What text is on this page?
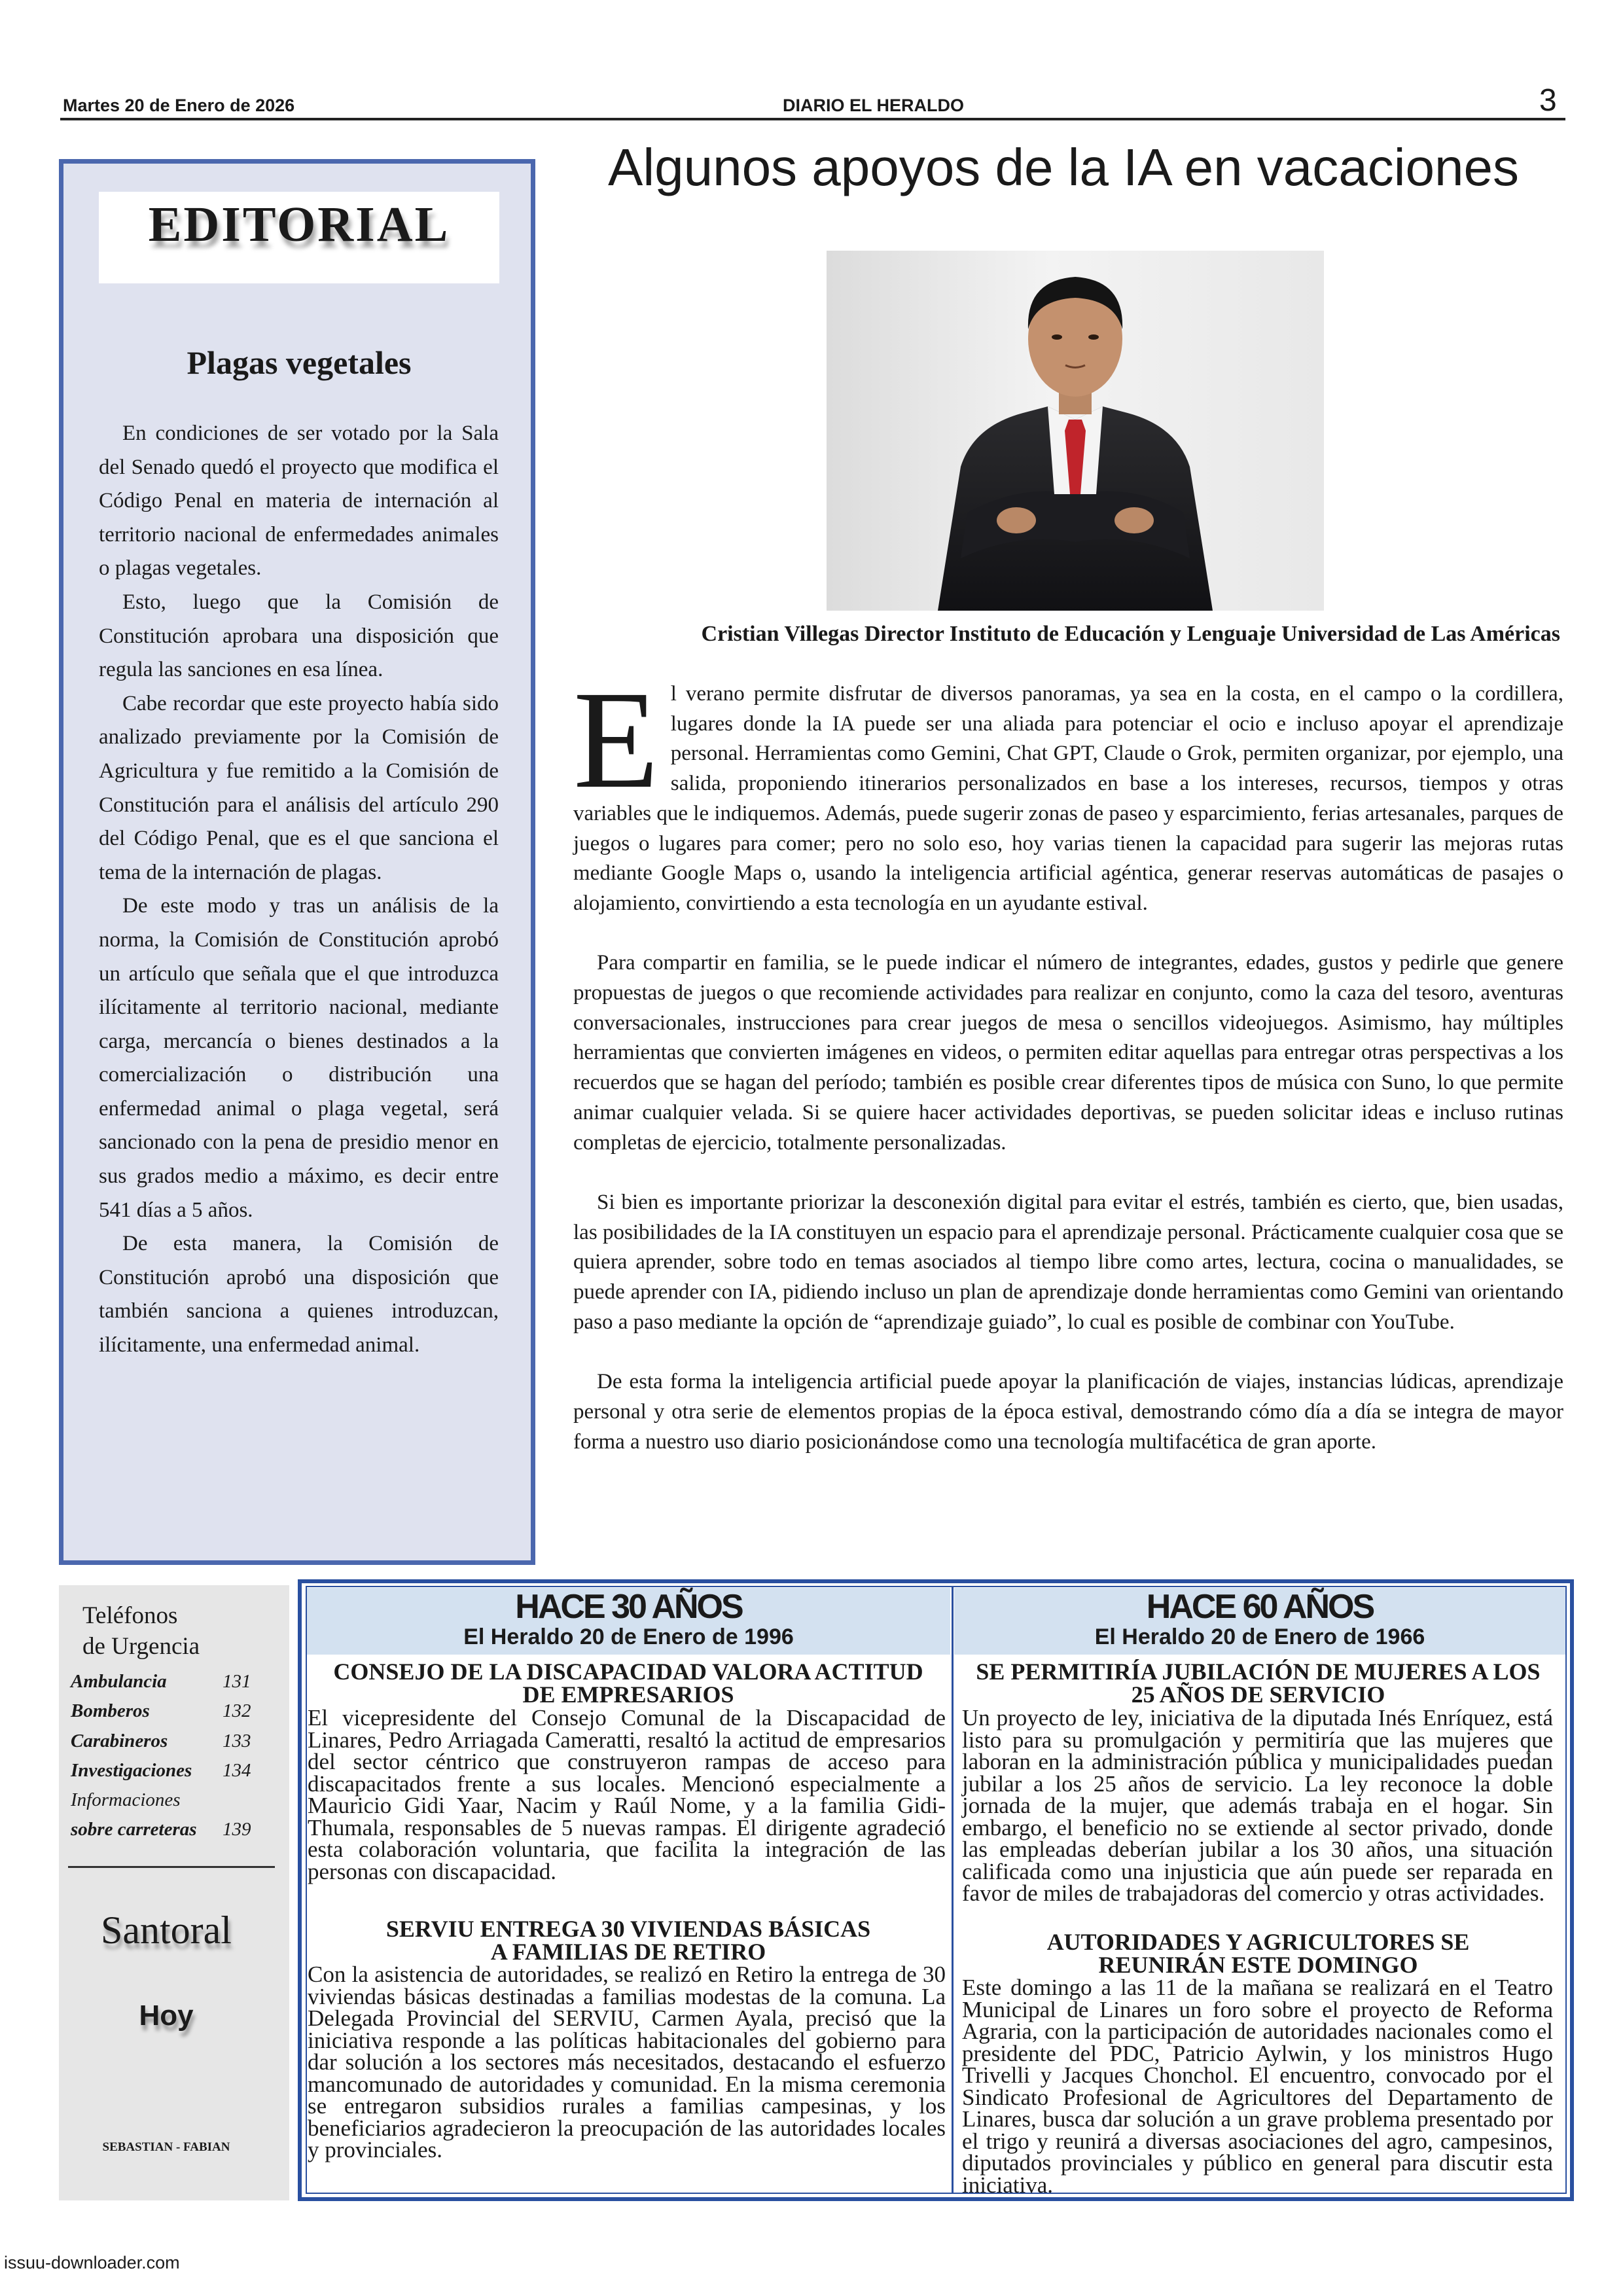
Martes 20 de Enero de 2026	DIARIO EL HERALDO	3
EDITORIAL
Plagas vegetales

En condiciones de ser votado por la Sala del Senado quedó el proyecto que modifica el Código Penal en materia de internación al territorio nacional de enfermedades animales o plagas vegetales.

Esto, luego que la Comisión de Constitución aprobara una disposición que regula las sanciones en esa línea.

Cabe recordar que este proyecto había sido analizado previamente por la Comisión de Agricultura y fue remitido a la Comisión de Constitución para el análisis del artículo 290 del Código Penal, que es el que sanciona el tema de la internación de plagas.

De este modo y tras un análisis de la norma, la Comisión de Constitución aprobó un artículo que señala que el que introduzca ilícitamente al territorio nacional, mediante carga, mercancía o bienes destinados a la comercialización o distribución una enfermedad animal o plaga vegetal, será sancionado con la pena de presidio menor en sus grados medio a máximo, es decir entre 541 días a 5 años.

De esta manera, la Comisión de Constitución aprobó una disposición que también sanciona a quienes introduzcan, ilícitamente, una enfermedad animal.

Algunos apoyos de la IA en vacaciones
Cristian Villegas Director Instituto de Educación y Lenguaje Universidad de Las Américas

El verano permite disfrutar de diversos panoramas, ya sea en la costa, en el campo o la cordillera, lugares donde la IA puede ser una aliada para potenciar el ocio e incluso apoyar el aprendizaje personal. Herramientas como Gemini, Chat GPT, Claude o Grok, permiten organizar, por ejemplo, una salida, proponiendo itinerarios personalizados en base a los intereses, recursos, tiempos y otras variables que le indiquemos. Además, puede sugerir zonas de paseo y esparcimiento, ferias artesanales, parques de juegos o lugares para comer; pero no solo eso, hoy varias tienen la capacidad para sugerir las mejoras rutas mediante Google Maps o, usando la inteligencia artificial agéntica, generar reservas automáticas de pasajes o alojamiento, convirtiendo a esta tecnología en un ayudante estival.

Para compartir en familia, se le puede indicar el número de integrantes, edades, gustos y pedirle que genere propuestas de juegos o que recomiende actividades para realizar en conjunto, como la caza del tesoro, aventuras conversacionales, instrucciones para crear juegos de mesa o sencillos videojuegos. Asimismo, hay múltiples herramientas que convierten imágenes en videos, o permiten editar aquellas para entregar otras perspectivas a los recuerdos que se hagan del período; también es posible crear diferentes tipos de música con Suno, lo que permite animar cualquier velada. Si se quiere hacer actividades deportivas, se pueden solicitar ideas e incluso rutinas completas de ejercicio, totalmente personalizadas.

Si bien es importante priorizar la desconexión digital para evitar el estrés, también es cierto, que, bien usadas, las posibilidades de la IA constituyen un espacio para el aprendizaje personal. Prácticamente cualquier cosa que se quiera aprender, sobre todo en temas asociados al tiempo libre como artes, lectura, cocina o manualidades, se puede aprender con IA, pidiendo incluso un plan de aprendizaje donde herramientas como Gemini van orientando paso a paso mediante la opción de “aprendizaje guiado”, lo cual es posible de combinar con YouTube.

De esta forma la inteligencia artificial puede apoyar la planificación de viajes, instancias lúdicas, aprendizaje personal y otra serie de elementos propias de la época estival, demostrando cómo día a día se integra de mayor forma a nuestro uso diario posicionándose como una tecnología multifacética de gran aporte.

Teléfonos
de Urgencia
Ambulancia	131
Bomberos	132
Carabineros	133
Investigaciones 134
Informaciones
sobre carreteras 139
Santoral
Hoy
SEBASTIAN - FABIAN
HACE 30 AÑOS
El Heraldo 20 de Enero de 1996
HACE 60 AÑOS
El Heraldo 20 de Enero de 1966
CONSEJO DE LA DISCAPACIDAD VALORA ACTITUD
DE EMPRESARIOS
El vicepresidente del Consejo Comunal de la Discapacidad de Linares, Pedro Arriagada Cameratti, resaltó la actitud de empresarios del sector céntrico que construyeron rampas de acceso para discapacitados frente a sus locales. Mencionó especialmente a Mauricio Gidi Yaar, Nacim y Raúl Nome, y a la familia Gidi-Thumala, responsables de 5 nuevas rampas. El dirigente agradeció esta colaboración voluntaria, que facilita la integración de las personas con discapacidad.
SERVIU ENTREGA 30 VIVIENDAS BÁSICAS
A FAMILIAS DE RETIRO
Con la asistencia de autoridades, se realizó en Retiro la entrega de 30 viviendas básicas destinadas a familias modestas de la comuna. La Delegada Provincial del SERVIU, Carmen Ayala, precisó que la iniciativa responde a las políticas habitacionales del gobierno para dar solución a los sectores más necesitados, destacando el esfuerzo mancomunado de autoridades y comunidad. En la misma ceremonia se entregaron subsidios rurales a familias campesinas, y los beneficiarios agradecieron la preocupación de las autoridades locales y provinciales.
SE PERMITIRÍA JUBILACIÓN DE MUJERES A LOS
25 AÑOS DE SERVICIO
Un proyecto de ley, iniciativa de la diputada Inés Enríquez, está listo para su promulgación y permitiría que las mujeres que laboran en la administración pública y municipalidades puedan jubilar a los 25 años de servicio. La ley reconoce la doble jornada de la mujer, que además trabaja en el hogar. Sin embargo, el beneficio no se extiende al sector privado, donde las empleadas deberían jubilar a los 30 años, una situación calificada como una injusticia que aún puede ser reparada en favor de miles de trabajadoras del comercio y otras actividades.
AUTORIDADES Y AGRICULTORES SE
REUNIRÁN ESTE DOMINGO
Este domingo a las 11 de la mañana se realizará en el Teatro Municipal de Linares un foro sobre el proyecto de Reforma Agraria, con la participación de autoridades nacionales como el presidente del PDC, Patricio Aylwin, y los ministros Hugo Trivelli y Jacques Chonchol. El encuentro, convocado por el Sindicato Profesional de Agricultores del Departamento de Linares, busca dar solución a un grave problema presentado por el trigo y reunirá a diversas asociaciones del agro, campesinos, diputados provinciales y público en general para discutir esta iniciativa.
issuu-downloader.com
